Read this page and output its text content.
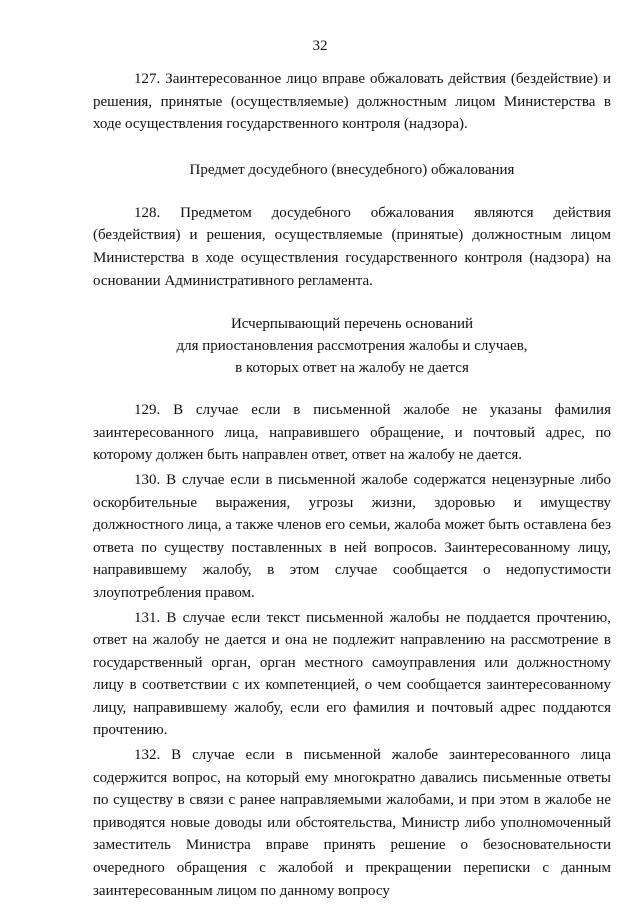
32

127. Заинтересованное лицо вправе обжаловать действия (бездействие) и решения, принятые (осуществляемые) должностным лицом Министерства в ходе осуществления государственного контроля (надзора).

Предмет досудебного (внесудебного) обжалования

128. Предметом досудебного обжалования являются действия (бездействия) и решения, осуществляемые (принятые) должностным лицом Министерства в ходе осуществления государственного контроля (надзора) на основании Административного регламента.

Исчерпывающий перечень оснований
для приостановления рассмотрения жалобы и случаев,
в которых ответ на жалобу не дается

129. В случае если в письменной жалобе не указаны фамилия заинтересованного лица, направившего обращение, и почтовый адрес, по которому должен быть направлен ответ, ответ на жалобу не дается.

130. В случае если в письменной жалобе содержатся нецензурные либо оскорбительные выражения, угрозы жизни, здоровью и имуществу должностного лица, а также членов его семьи, жалоба может быть оставлена без ответа по существу поставленных в ней вопросов. Заинтересованному лицу, направившему жалобу, в этом случае сообщается о недопустимости злоупотребления правом.

131. В случае если текст письменной жалобы не поддается прочтению, ответ на жалобу не дается и она не подлежит направлению на рассмотрение в государственный орган, орган местного самоуправления или должностному лицу в соответствии с их компетенцией, о чем сообщается заинтересованному лицу, направившему жалобу, если его фамилия и почтовый адрес поддаются прочтению.

132. В случае если в письменной жалобе заинтересованного лица содержится вопрос, на который ему многократно давались письменные ответы по существу в связи с ранее направляемыми жалобами, и при этом в жалобе не приводятся новые доводы или обстоятельства, Министр либо уполномоченный заместитель Министра вправе принять решение о безосновательности очередного обращения с жалобой и прекращении переписки с данным заинтересованным лицом по данному вопросу
